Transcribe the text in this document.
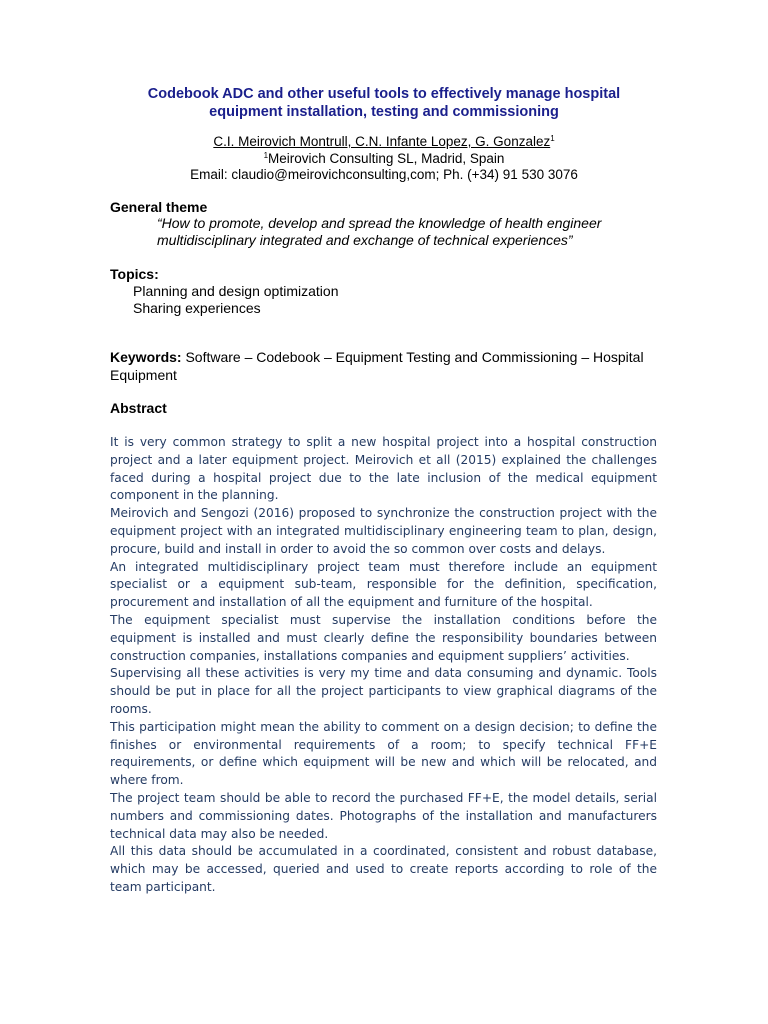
Codebook ADC and other useful tools to effectively manage hospital
equipment installation, testing and commissioning
C.I. Meirovich Montrull, C.N. Infante Lopez, G. Gonzalez$^1$
$^1$Meirovich Consulting SL, Madrid, Spain
Email: claudio@meirovichconsulting,com; Ph. (+34) 91 530 3076
General theme
“How to promote, develop and spread the knowledge of health engineer
multidisciplinary integrated and exchange of technical experiences”
Topics:
Planning and design optimization
Sharing experiences
Keywords: Software – Codebook – Equipment Testing and Commissioning – Hospital Equipment
Abstract

It is very common strategy to split a new hospital project into a hospital construction project and a later equipment project. Meirovich et all (2015) explained the challenges faced during a hospital project due to the late inclusion of the medical equipment component in the planning.

Meirovich and Sengozi (2016) proposed to synchronize the construction project with the equipment project with an integrated multidisciplinary engineering team to plan, design, procure, build and install in order to avoid the so common over costs and delays.

An integrated multidisciplinary project team must therefore include an equipment specialist or a equipment sub-team, responsible for the definition, specification, procurement and installation of all the equipment and furniture of the hospital.

The equipment specialist must supervise the installation conditions before the equipment is installed and must clearly define the responsibility boundaries between construction companies, installations companies and equipment suppliers’ activities.

Supervising all these activities is very my time and data consuming and dynamic. Tools should be put in place for all the project participants to view graphical diagrams of the rooms.

This participation might mean the ability to comment on a design decision; to define the finishes or environmental requirements of a room; to specify technical FF+E requirements, or define which equipment will be new and which will be relocated, and where from.

The project team should be able to record the purchased FF+E, the model details, serial numbers and commissioning dates. Photographs of the installation and manufacturers technical data may also be needed.

All this data should be accumulated in a coordinated, consistent and robust database, which may be accessed, queried and used to create reports according to role of the team participant.
